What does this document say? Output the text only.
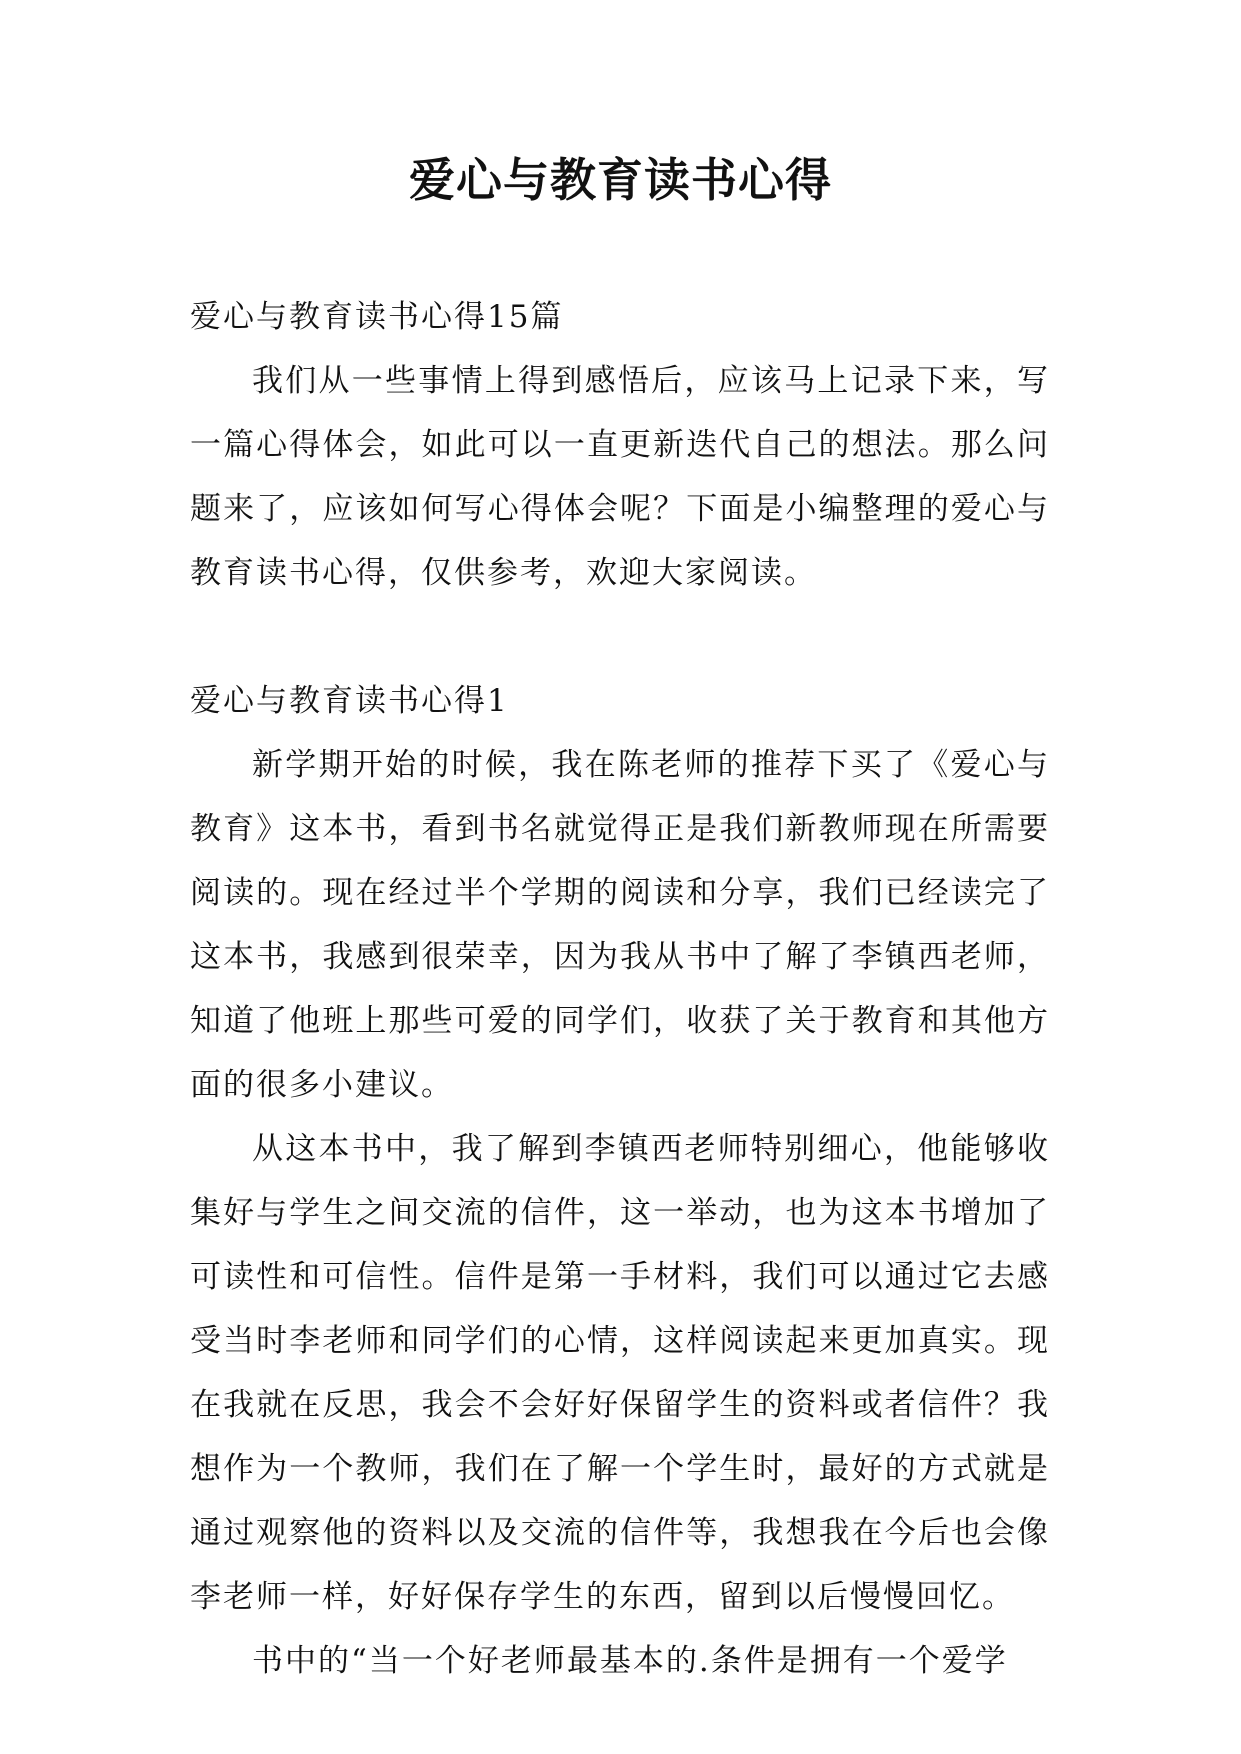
爱心与教育读书心得

爱心与教育读书心得15篇

我们从一些事情上得到感悟后，应该马上记录下来，写一篇心得体会，如此可以一直更新迭代自己的想法。那么问题来了，应该如何写心得体会呢？下面是小编整理的爱心与教育读书心得，仅供参考，欢迎大家阅读。

爱心与教育读书心得1

新学期开始的时候，我在陈老师的推荐下买了《爱心与教育》这本书，看到书名就觉得正是我们新教师现在所需要阅读的。现在经过半个学期的阅读和分享，我们已经读完了这本书，我感到很荣幸，因为我从书中了解了李镇西老师，知道了他班上那些可爱的同学们，收获了关于教育和其他方面的很多小建议。

从这本书中，我了解到李镇西老师特别细心，他能够收集好与学生之间交流的信件，这一举动，也为这本书增加了可读性和可信性。信件是第一手材料，我们可以通过它去感受当时李老师和同学们的心情，这样阅读起来更加真实。现在我就在反思，我会不会好好保留学生的资料或者信件？我想作为一个教师，我们在了解一个学生时，最好的方式就是通过观察他的资料以及交流的信件等，我想我在今后也会像李老师一样，好好保存学生的东西，留到以后慢慢回忆。

书中的“当一个好老师最基本的.条件是拥有一个爱学
